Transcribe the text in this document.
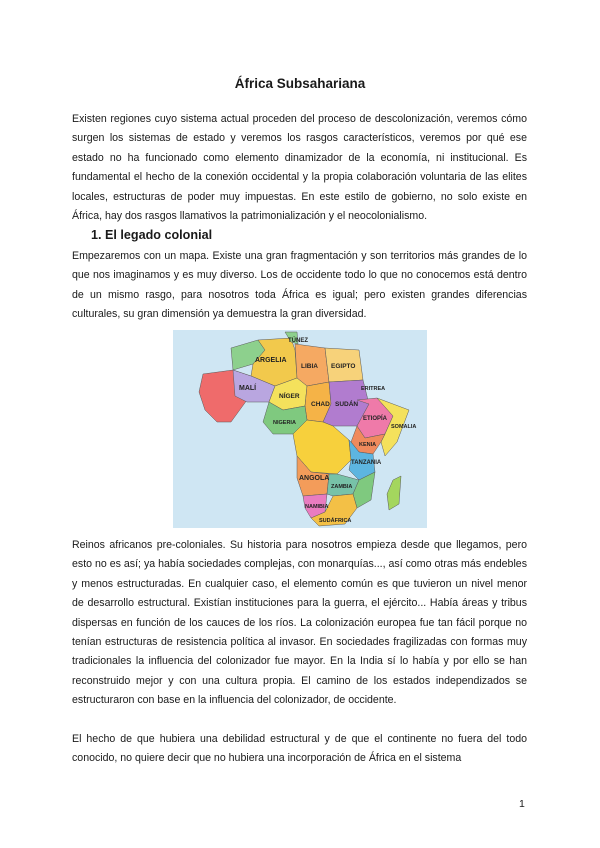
África Subsahariana

Existen regiones cuyo sistema actual proceden del proceso de descolonización, veremos cómo surgen los sistemas de estado y veremos los rasgos característicos, veremos por qué ese estado no ha funcionado como elemento dinamizador de la economía, ni institucional. Es fundamental el hecho de la conexión occidental y la propia colaboración voluntaria de las elites locales, estructuras de poder muy impuestas. En este estilo de gobierno, no solo existe en África, hay dos rasgos llamativos la patrimonialización y el neocolonialismo.

1. El legado colonial

Empezaremos con un mapa. Existe una gran fragmentación y son territorios más grandes de lo que nos imaginamos y es muy diverso. Los de occidente todo lo que no conocemos está dentro de un mismo rasgo, para nosotros toda África es igual; pero existen grandes diferencias culturales, su gran dimensión ya demuestra la gran diversidad.

TÚNEZ
ARGELIA
LIBIA EGIPTO
MALÍ
NÍGER
CHAD SUDÁN
NIGERIA
ERITREA
ETIOPÍA
SOMALIA
KENIA
TANZANIA
ANGOLA
ZAMBIA
NAMIBIA
SUDÁFRICA

Reinos africanos pre-coloniales. Su historia para nosotros empieza desde que llegamos, pero esto no es así; ya había sociedades complejas, con monarquías..., así como otras más endebles y menos estructuradas. En cualquier caso, el elemento común es que tuvieron un nivel menor de desarrollo estructural. Existían instituciones para la guerra, el ejército... Había áreas y tribus dispersas en función de los cauces de los ríos. La colonización europea fue tan fácil porque no tenían estructuras de resistencia política al invasor. En sociedades fragilizadas con formas muy tradicionales la influencia del colonizador fue mayor. En la India sí lo había y por ello se han reconstruido mejor y con una cultura propia. El camino de los estados independizados se estructuraron con base en la influencia del colonizador, de occidente.

El hecho de que hubiera una debilidad estructural y de que el continente no fuera del todo conocido, no quiere decir que no hubiera una incorporación de África en el sistema

1
